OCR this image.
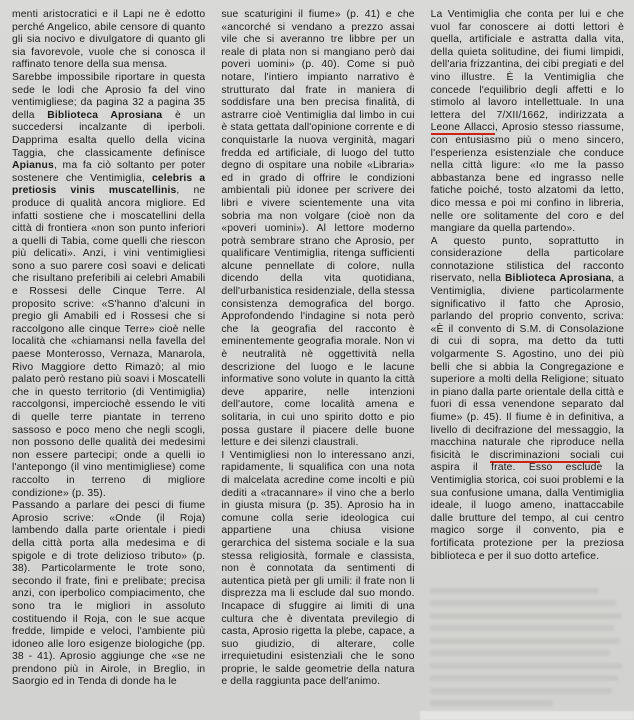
menti aristocratici e il Lapi ne è edotto perché Angelico, abile censore di quanto gli sia nocivo e divulgatore di quanto gli sia favorevole, vuole che si conosca il raffinato tenore della sua mensa.

Sarebbe impossibile riportare in questa sede le lodi che Aprosio fa del vino ventimigliese; da pagina 32 a pagina 35 della Biblioteca Aprosiana è un succedersi incalzante di iperboli. Dapprima esalta quello della vicina Taggia, che classicamente definisce Apianus, ma fa ciò soltanto per poter sostenere che Ventimiglia, celebris a pretiosis vinis muscatellinis, ne produce di qualità ancora migliore. Ed infatti sostiene che i moscatellini della città di frontiera «non son punto inferiori a quelli di Tabia, come quelli che riescon più delicati». Anzi, i vini ventimigliesi sono a suo parere così soavi e delicati che risultano preferibili ai celebri Amabili e Rossesi delle Cinque Terre. Al proposito scrive: «S'hanno d'alcuni in pregio gli Amabili ed i Rossesi che si raccolgono alle cinque Terre» cioè nelle località che «chiamansi nella favella del paese Monterosso, Vernaza, Manarola, Rivo Maggiore detto Rimazò; al mio palato però restano più soavi i Moscatelli che in questo territorio (di Ventimiglia) raccolgonsi, imperciochè essendo le viti di quelle terre piantate in terreno sassoso e poco meno che negli scogli, non possono delle qualità dei medesimi non essere partecipi; onde a quelli io l'antepongo (il vino mentimigliese) come raccolto in terreno di migliore condizione» (p. 35).

Passando a parlare dei pesci di fiume Aprosio scrive: «Onde (il Roja) lambendo dalla parte orientale i piedi della città porta alla medesima e di spigole e di trote delizioso tributo» (p. 38). Particolarmente le trote sono, secondo il frate, fini e prelibate; precisa anzi, con iperbolico compiacimento, che sono tra le migliori in assoluto costituendo il Roja, con le sue acque fredde, limpide e veloci, l'ambiente più idoneo alle loro esigenze biologiche (pp. 38 - 41). Aprosio aggiunge che «se ne prendono più in Airole, in Breglio, in Saorgio ed in Tenda di donde ha le

sue scaturigini il fiume» (p. 41) e che «ancorché si vendano a prezzo assai vile che si averanno tre libbre per un reale di plata non si mangiano però dai poveri uomini» (p. 40). Come si può notare, l'intiero impianto narrativo è strutturato dal frate in maniera di soddisfare una ben precisa finalità, di astrarre cioè Ventimiglia dal limbo in cui è stata gettata dall'opinione corrente e di conquistarle la nuova verginità, magari fredda ed artificiale, di luogo del tutto degno di ospitare una nobile «Libraria» ed in grado di offrire le condizioni ambientali più idonee per scrivere dei libri e vivere scientemente una vita sobria ma non volgare (cioè non da «poveri uomini»). Al lettore moderno potrà sembrare strano che Aprosio, per qualificare Ventimiglia, ritenga sufficienti alcune pennellate di colore, nulla dicendo della vita quotidiana, dell'urbanistica residenziale, della stessa consistenza demografica del borgo. Approfondendo l'indagine si nota però che la geografia del racconto è eminentemente geografia morale. Non vi è neutralità nè oggettività nella descrizione del luogo e le lacune informative sono volute in quanto la città deve apparire, nelle intenzioni dell'autore, come località amena e solitaria, in cui uno spirito dotto e pio possa gustare il piacere delle buone letture e dei silenzi claustrali.

I Ventimigliesi non lo interessano anzi, rapidamente, li squalifica con una nota di malcelata acredine come incolti e più dediti a «tracannare» il vino che a berlo in giusta misura (p. 35). Aprosio ha in comune colla serie ideologica cui appartiene una chiusa visione gerarchica del sistema sociale e la sua stessa religiosità, formale e classista, non è connotata da sentimenti di autentica pietà per gli umili: il frate non li disprezza ma li esclude dal suo mondo. Incapace di sfuggire ai limiti di una cultura che è diventata previlegio di casta, Aprosio rigetta la plebe, capace, a suo giudizio, di alterare, colle irrequietudini esistenziali che le sono proprie, le salde geometrie della natura e della raggiunta pace dell'animo.

La Ventimiglia che conta per lui e che vuol far conoscere ai dotti lettori è quella, artificiale e astratta dalla vita, della quieta solitudine, dei fiumi limpidi, dell'aria frizzantina, dei cibi pregiati e del vino illustre. È la Ventimiglia che concede l'equilibrio degli affetti e lo stimolo al lavoro intellettuale. In una lettera del 7/XII/1662, indirizzata a Leone Allacci, Aprosio stesso riassume, con entusiasmo più o meno sincero, l'esperienza esistenziale che conduce nella città ligure: «Io me la passo abbastanza bene ed ingrasso nelle fatiche poiché, tosto alzatomi da letto, dico messa e poi mi confino in libreria, nelle ore solitamente del coro e del mangiare da quella partendo».

A questo punto, soprattutto in considerazione della particolare connotazione stilistica del racconto riservato, nella Biblioteca Aprosiana, a Ventimiglia, diviene particolarmente significativo il fatto che Aprosio, parlando del proprio convento, scriva: «È il convento di S.M. di Consolazione di cui di sopra, ma detto da tutti volgarmente S. Agostino, uno dei più belli che si abbia la Congregazione e superiore a molti della Religione; situato in piano dalla parte orientale della città e fuori di essa venendone separato dal fiume» (p. 45). Il fiume è in definitiva, a livello di decifrazione del messaggio, la macchina naturale che riproduce nella fisicità le discriminazioni sociali cui aspira il frate. Esso esclude la Ventimiglia storica, coi suoi problemi e la sua confusione umana, dalla Ventimiglia ideale, il luogo ameno, inattaccabile dalle brutture del tempo, al cui centro magico sorge il convento, pia e fortificata protezione per la preziosa biblioteca e per il suo dotto artefice.
